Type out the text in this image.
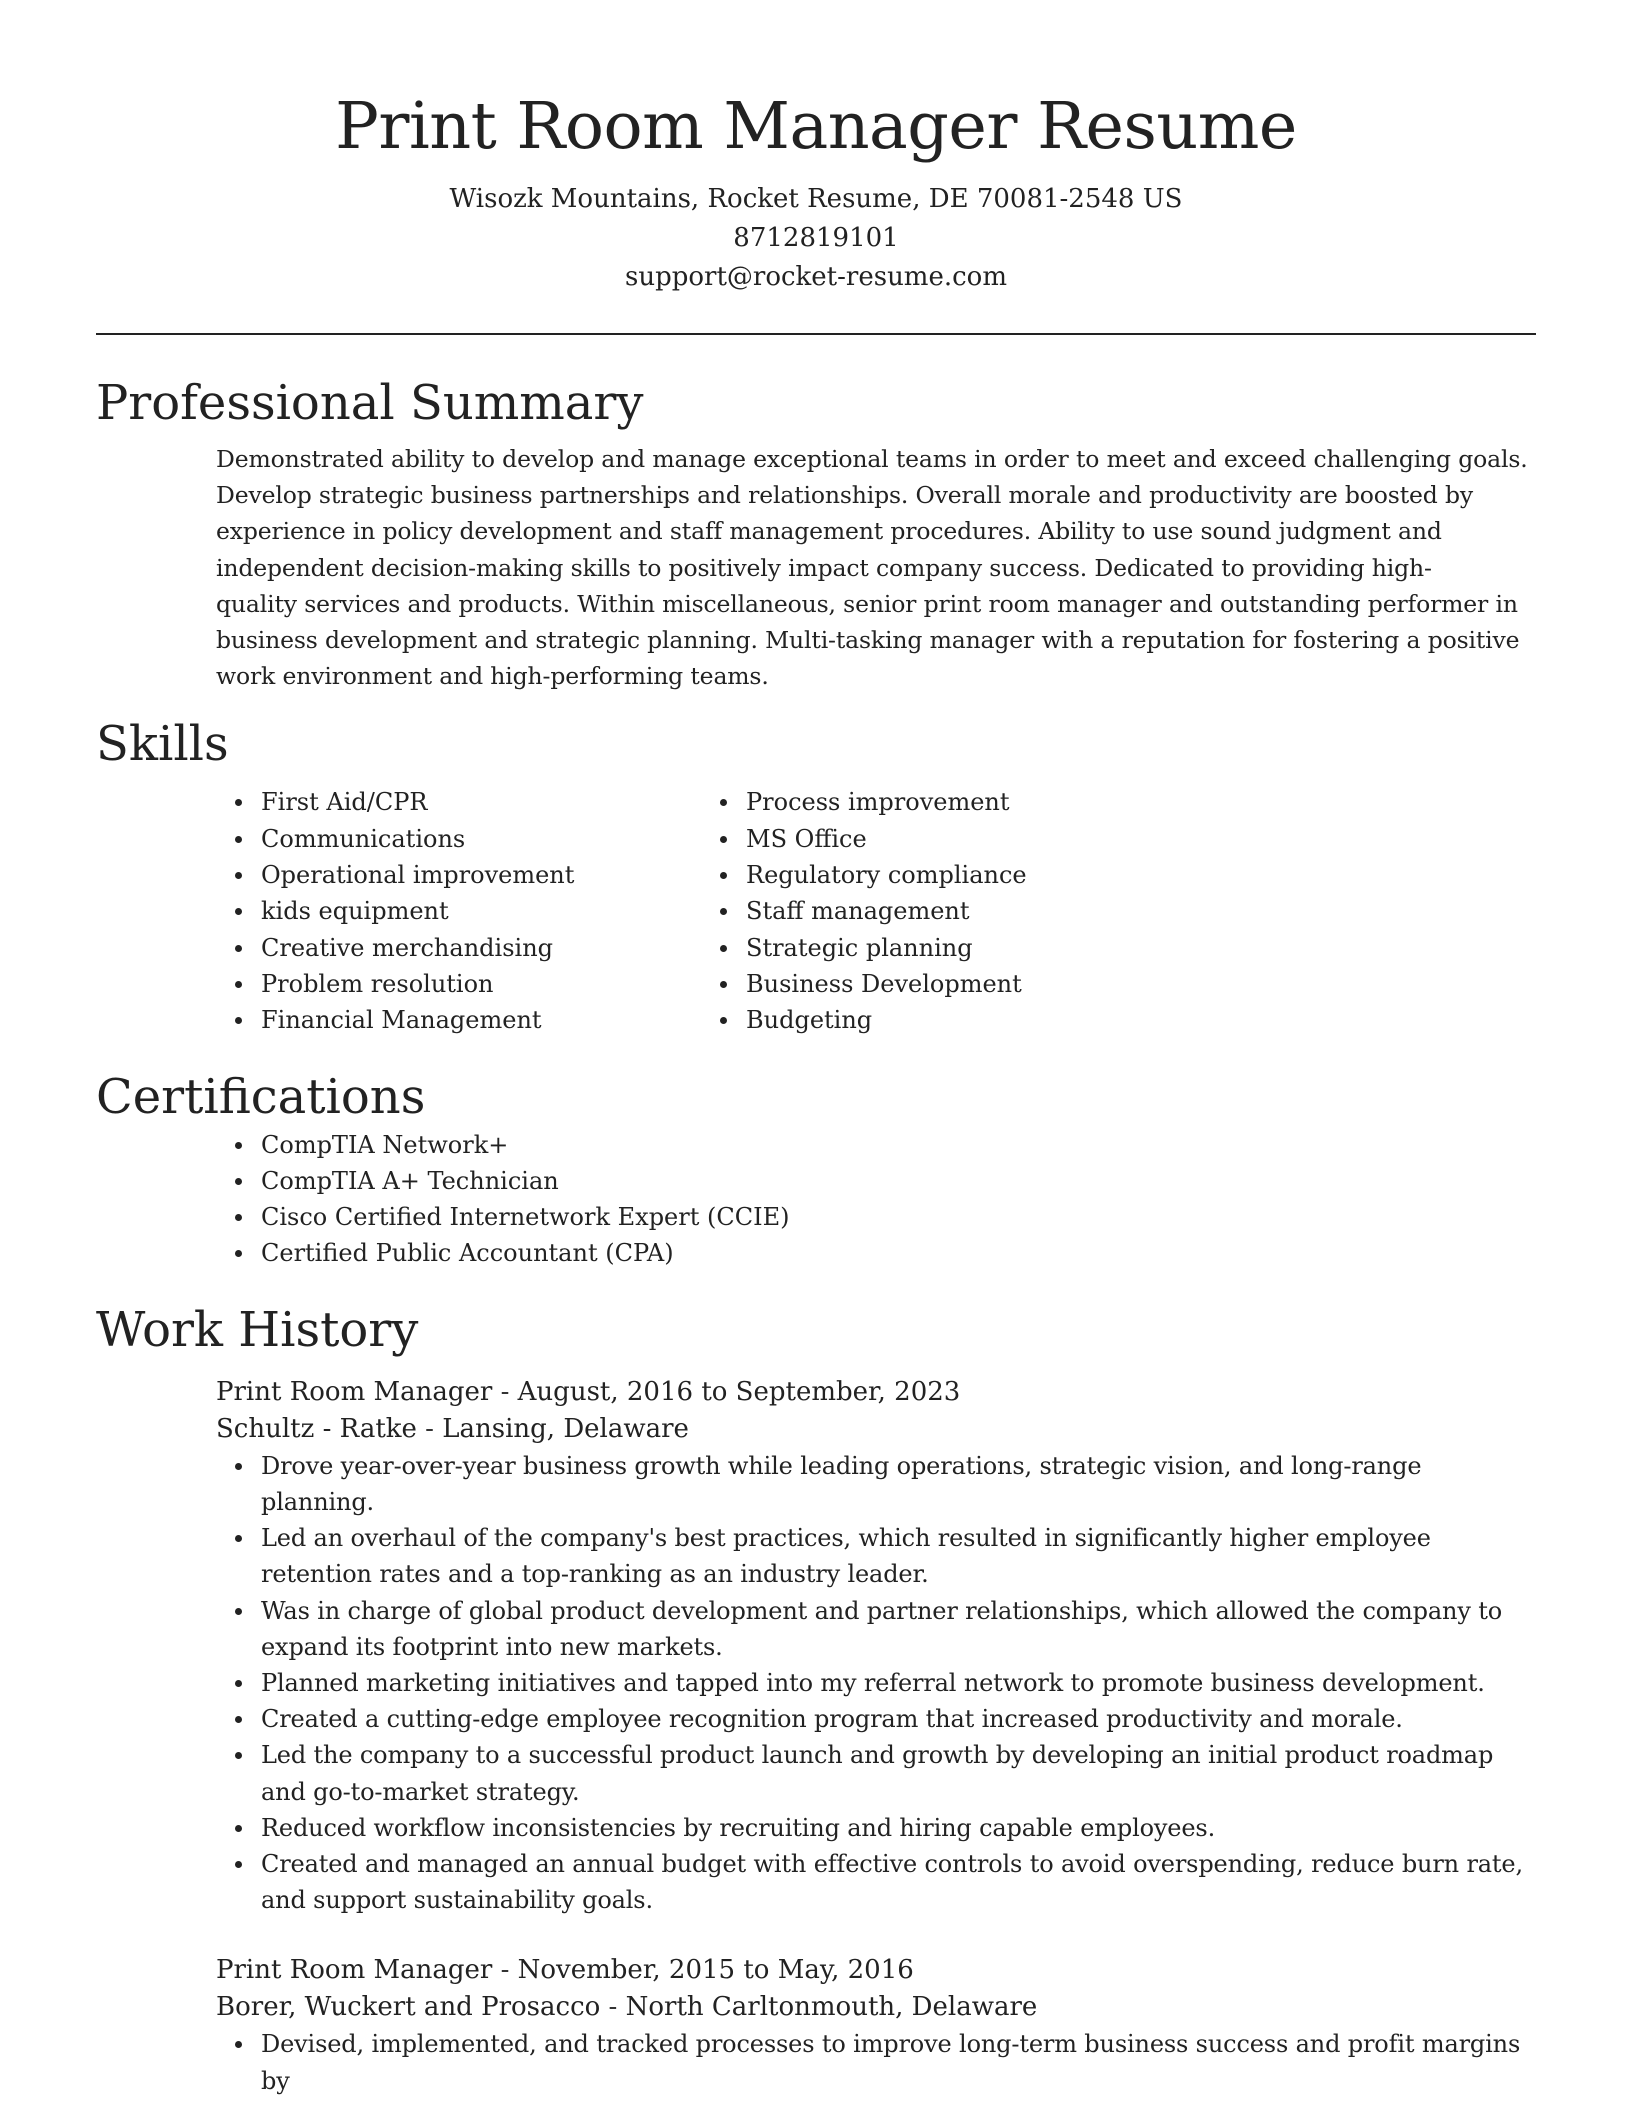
Print Room Manager Resume
Wisozk Mountains, Rocket Resume, DE 70081-2548 US
8712819101
support@rocket-resume.com
Professional Summary
Demonstrated ability to develop and manage exceptional teams in order to meet and exceed challenging goals.
Develop strategic business partnerships and relationships. Overall morale and productivity are boosted by
experience in policy development and staff management procedures. Ability to use sound judgment and
independent decision-making skills to positively impact company success. Dedicated to providing high-
quality services and products. Within miscellaneous, senior print room manager and outstanding performer in
business development and strategic planning. Multi-tasking manager with a reputation for fostering a positive
work environment and high-performing teams.
Skills
First Aid/CPR
Communications
Operational improvement
kids equipment
Creative merchandising
Problem resolution
Financial Management
Process improvement
MS Office
Regulatory compliance
Staff management
Strategic planning
Business Development
Budgeting
Certifications
CompTIA Network+
CompTIA A+ Technician
Cisco Certified Internetwork Expert (CCIE)
Certified Public Accountant (CPA)
Work History
Print Room Manager - August, 2016 to September, 2023
Schultz - Ratke - Lansing, Delaware
Drove year-over-year business growth while leading operations, strategic vision, and long-range planning.
Led an overhaul of the company's best practices, which resulted in significantly higher employee retention rates and a top-ranking as an industry leader.
Was in charge of global product development and partner relationships, which allowed the company to expand its footprint into new markets.
Planned marketing initiatives and tapped into my referral network to promote business development.
Created a cutting-edge employee recognition program that increased productivity and morale.
Led the company to a successful product launch and growth by developing an initial product roadmap and go-to-market strategy.
Reduced workflow inconsistencies by recruiting and hiring capable employees.
Created and managed an annual budget with effective controls to avoid overspending, reduce burn rate, and support sustainability goals.
Print Room Manager - November, 2015 to May, 2016
Borer, Wuckert and Prosacco - North Carltonmouth, Delaware
Devised, implemented, and tracked processes to improve long-term business success and profit margins by
